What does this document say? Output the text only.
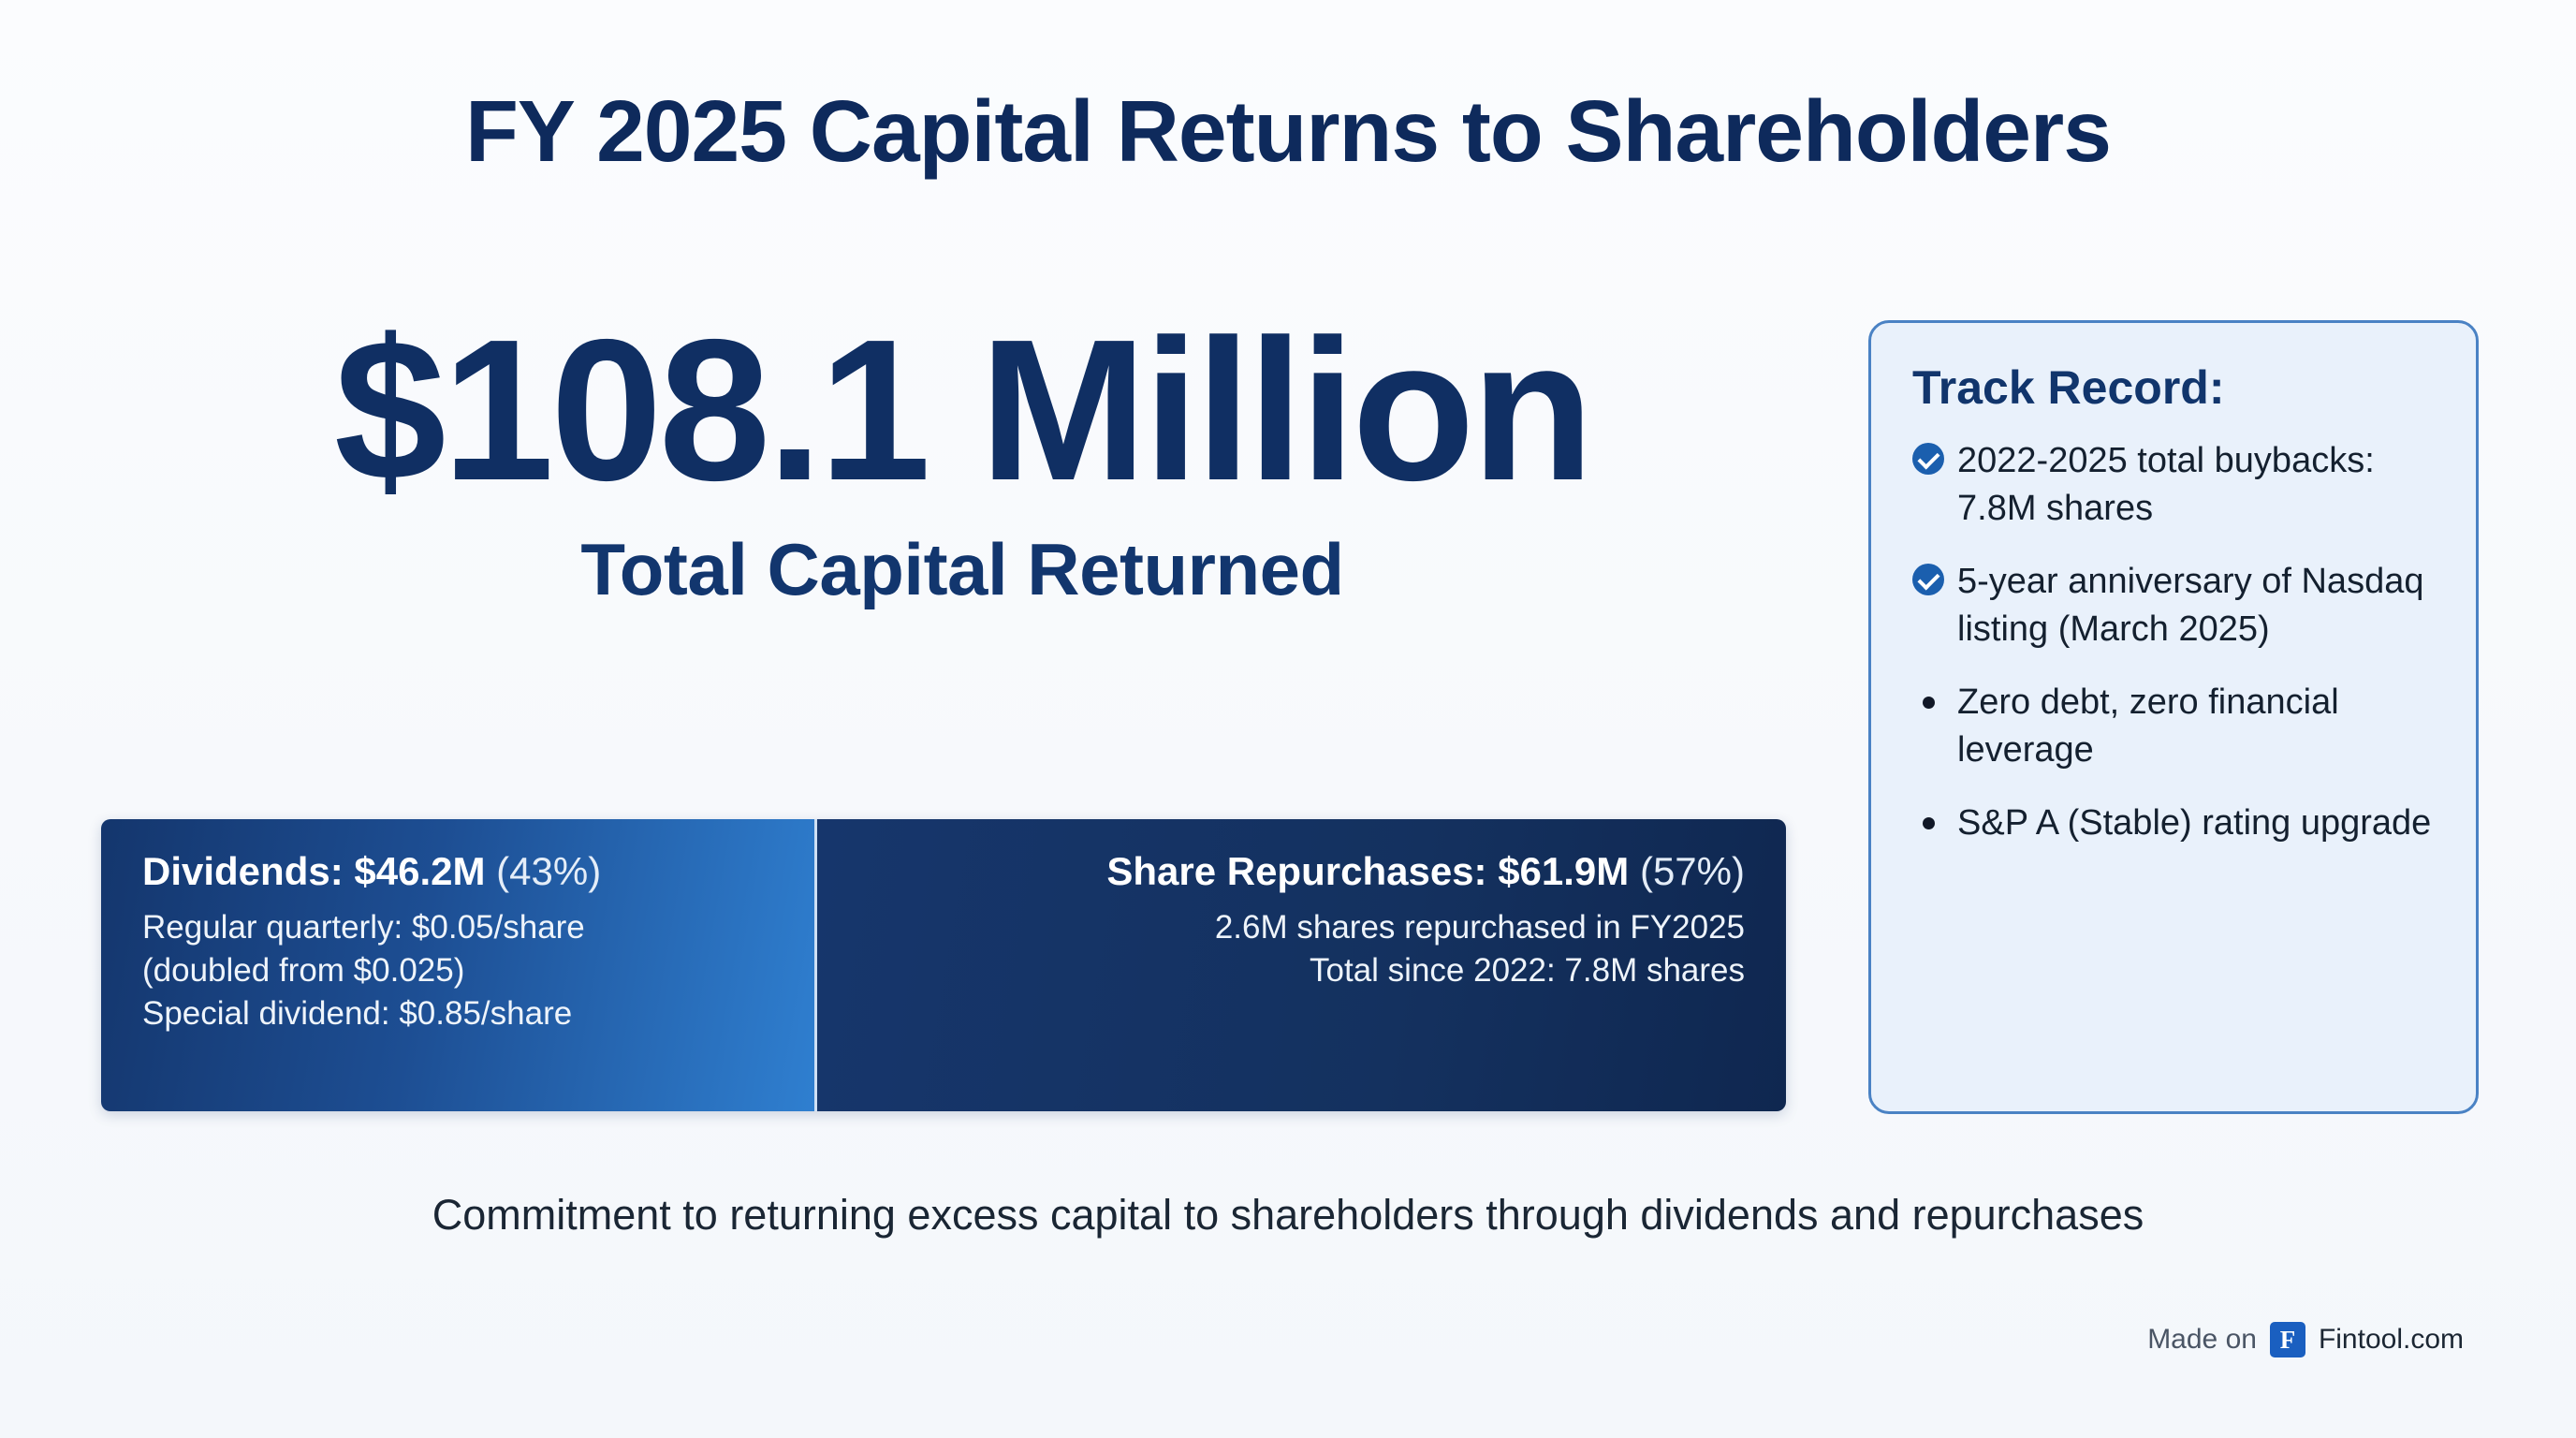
FY 2025 Capital Returns to Shareholders
$108.1 Million
Total Capital Returned
Dividends: $46.2M (43%)
Regular quarterly: $0.05/share
(doubled from $0.025)
Special dividend: $0.85/share
Share Repurchases: $61.9M (57%)
2.6M shares repurchased in FY2025
Total since 2022: 7.8M shares
Track Record:
2022-2025 total buybacks: 7.8M shares
5-year anniversary of Nasdaq listing (March 2025)
Zero debt, zero financial leverage
S&P A (Stable) rating upgrade
Commitment to returning excess capital to shareholders through dividends and repurchases
Made on F Fintool.com
